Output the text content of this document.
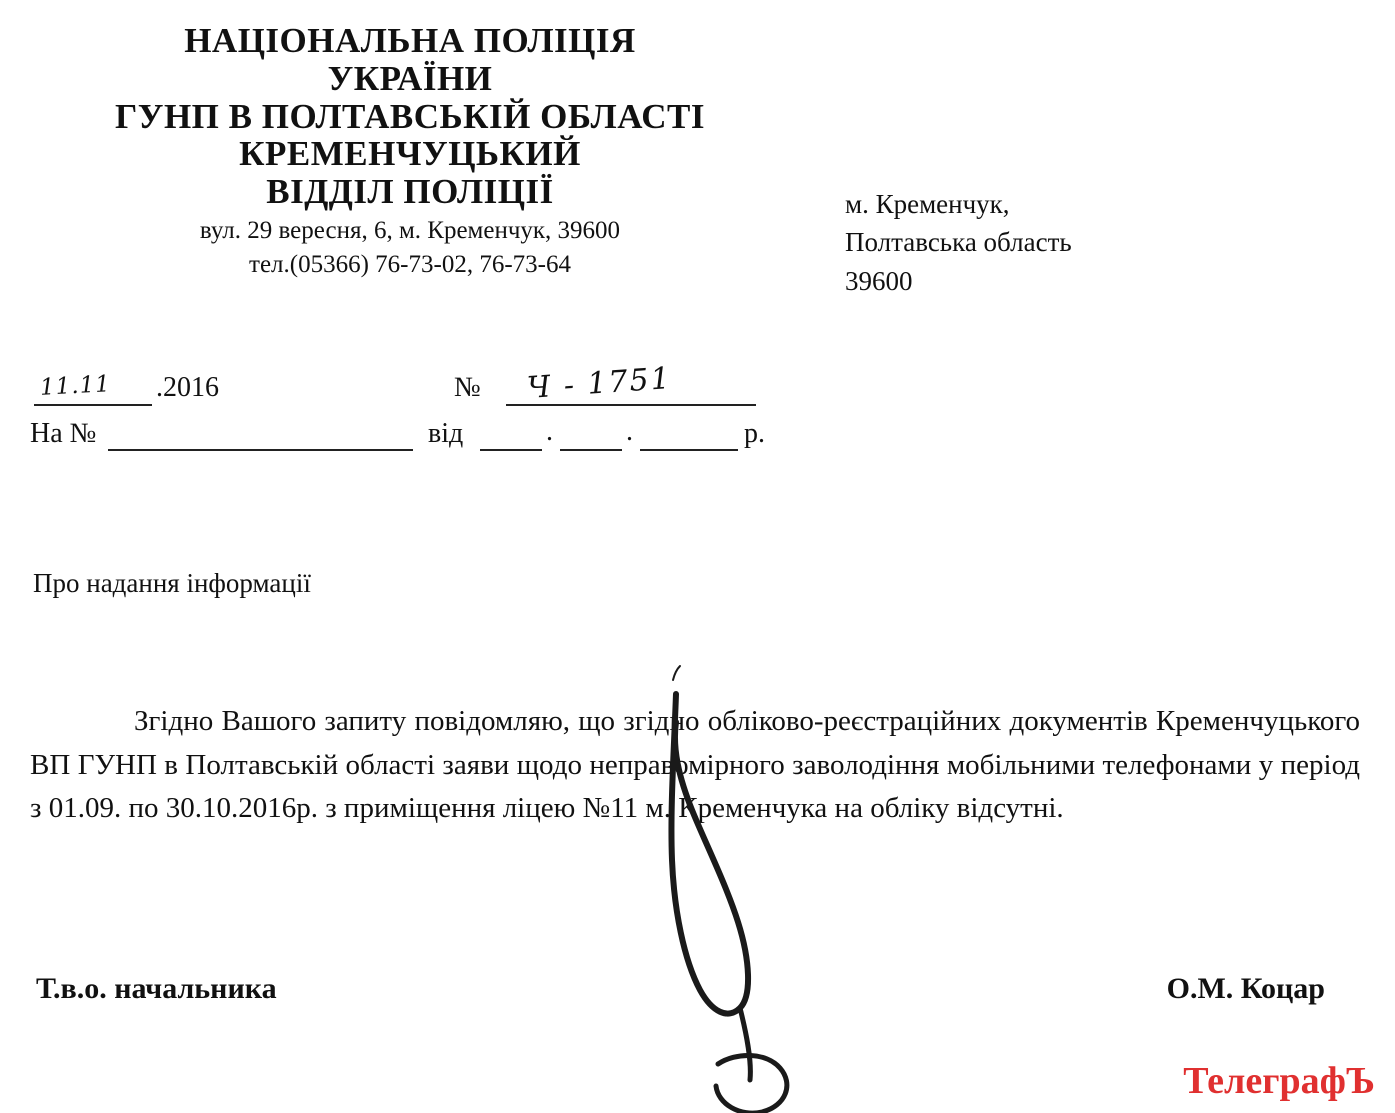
НАЦІОНАЛЬНА ПОЛІЦІЯ
УКРАЇНИ
ГУНП В ПОЛТАВСЬКІЙ ОБЛАСТІ
КРЕМЕНЧУЦЬКИЙ
ВІДДІЛ ПОЛІЦІЇ
вул. 29 вересня, 6, м. Кременчук, 39600
тел.(05366) 76-73-02, 76-73-64
м. Кременчук,
Полтавська область
39600
11.11 .2016	№ Ч - 1751
На №	від	.	.	р.
Про надання інформації
Згідно Вашого запиту повідомляю, що згідно обліково-реєстраційних документів Кременчуцького ВП ГУНП в Полтавській області заяви щодо неправомірного заволодіння мобільними телефонами у період з 01.09. по 30.10.2016р. з приміщення ліцею №11 м. Кременчука на обліку відсутні.
Т.в.о. начальника	О.М. Коцар
ТелеграфЪ
